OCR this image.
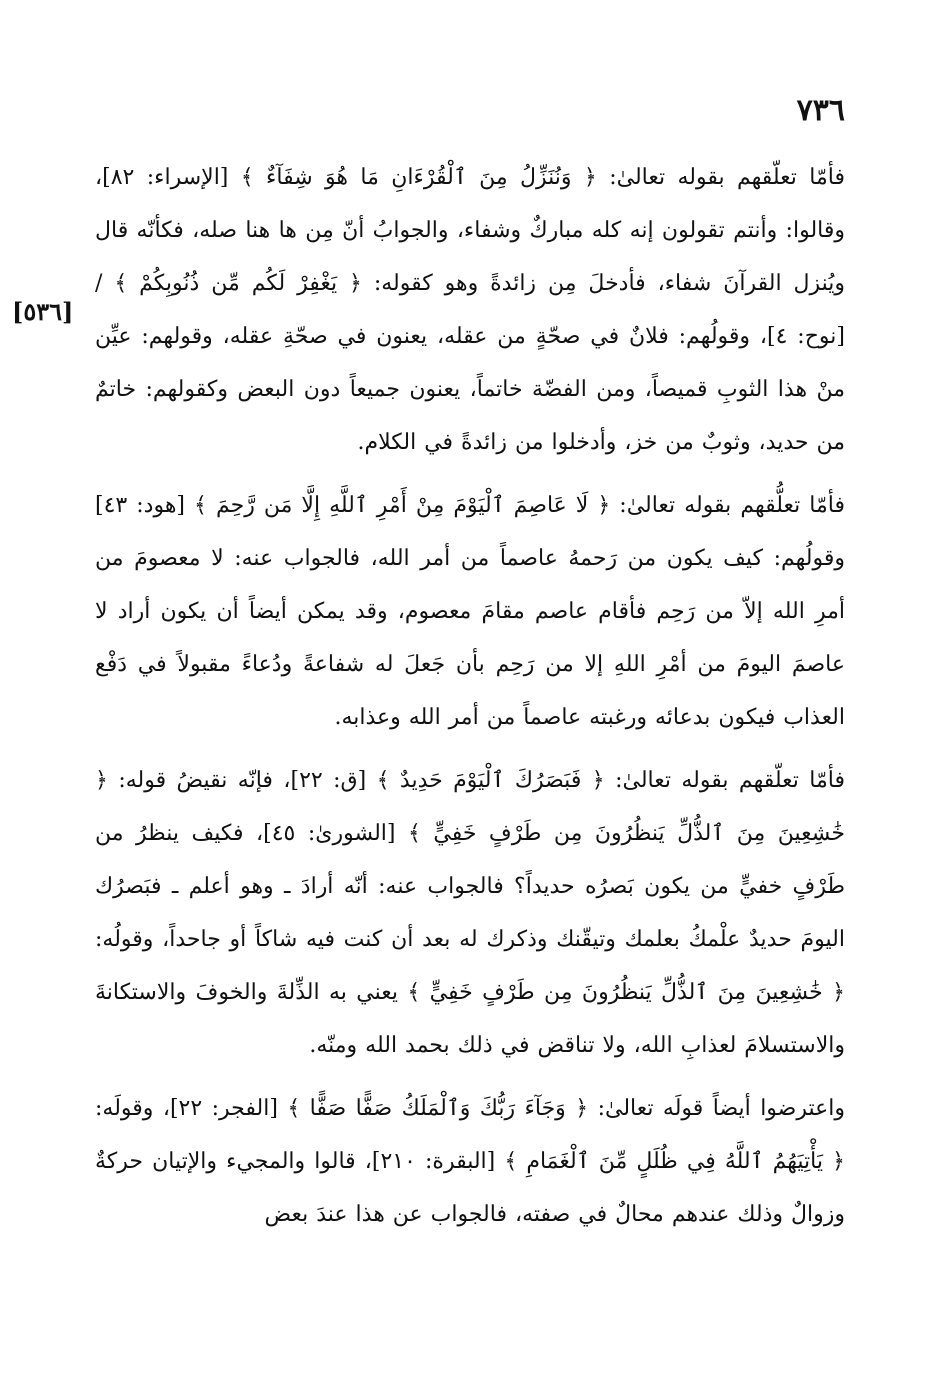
٧٣٦
[٥٣٦]

فأمّا تعلّقهم بقوله تعالىٰ: ﴿ وَنُنَزِّلُ مِنَ ٱلْقُرْءَانِ مَا هُوَ شِفَآءٌ ﴾ [الإسراء: ٨٢]، وقالوا: وأنتم تقولون إنه كله مباركٌ وشفاء، والجوابُ أنّ مِن ها هنا صله، فكأنّه قال ويُنزل القرآنَ شفاء، فأدخلَ مِن زائدةً وهو كقوله: ﴿ يَغْفِرْ لَكُم مِّن ذُنُوبِكُمْ ﴾ / [نوح: ٤]، وقولُهم: فلانٌ في صحّةٍ من عقله، يعنون في صحّةِ عقله، وقولهم: عيِّن منْ هذا الثوبِ قميصاً، ومن الفضّة خاتماً، يعنون جميعاً دون البعض وكقولهم: خاتمٌ من حديد، وثوبٌ من خز، وأدخلوا من زائدةً في الكلام.

فأمّا تعلُّقهم بقوله تعالىٰ: ﴿ لَا عَاصِمَ ٱلْيَوْمَ مِنْ أَمْرِ ٱللَّهِ إِلَّا مَن رَّحِمَ ﴾ [هود: ٤٣] وقولُهم: كيف يكون من رَحمهُ عاصماً من أمر الله، فالجواب عنه: لا معصومَ من أمرِ الله إلاّ من رَحِم فأقام عاصم مقامَ معصوم، وقد يمكن أيضاً أن يكون أراد لا عاصمَ اليومَ من أمْرِ اللهِ إلا من رَحِم بأن جَعلَ له شفاعةً ودُعاءً مقبولاً في دَفْع العذاب فيكون بدعائه ورغبته عاصماً من أمر الله وعذابه.

فأمّا تعلّقهم بقوله تعالىٰ: ﴿ فَبَصَرُكَ ٱلْيَوْمَ حَدِيدٌ ﴾ [ق: ٢٢]، فإنّه نقيضُ قوله: ﴿ خَٰشِعِينَ مِنَ ٱلذُّلِّ يَنظُرُونَ مِن طَرْفٍ خَفِيٍّ ﴾ [الشورىٰ: ٤٥]، فكيف ينظرُ من طَرْفٍ خفيٍّ من يكون بَصرُه حديداً؟ فالجواب عنه: أنّه أرادَ ـ وهو أعلم ـ فبَصرُك اليومَ حديدٌ علْمكُ بعلمك وتيقّنك وذكرك له بعد أن كنت فيه شاكاً أو جاحداً، وقولُه: ﴿ خَٰشِعِينَ مِنَ ٱلذُّلِّ يَنظُرُونَ مِن طَرْفٍ خَفِيٍّ ﴾ يعني به الذِّلةَ والخوفَ والاستكانةَ والاستسلامَ لعذابِ الله، ولا تناقض في ذلك بحمد الله ومنّه.

واعترضوا أيضاً قولَه تعالىٰ: ﴿ وَجَآءَ رَبُّكَ وَٱلْمَلَكُ صَفًّا صَفًّا ﴾ [الفجر: ٢٢]، وقولَه: ﴿ يَأْتِيَهُمُ ٱللَّهُ فِي ظُلَلٍ مِّنَ ٱلْغَمَامِ ﴾ [البقرة: ٢١٠]، قالوا والمجيء والإتيان حركةٌ وزوالٌ وذلك عندهم محالٌ في صفته، فالجواب عن هذا عندَ بعض
